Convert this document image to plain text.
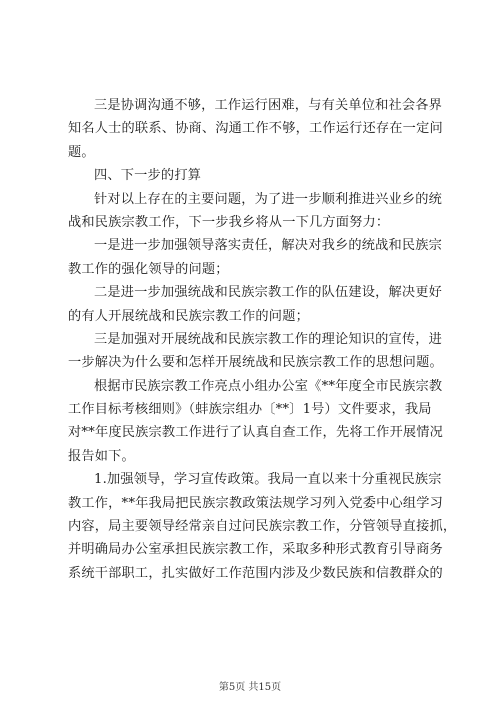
三是协调沟通不够，工作运行困难，与有关单位和社会各界
知名人士的联系、协商、沟通工作不够，工作运行还存在一定问
题。
四、下一步的打算
针对以上存在的主要问题，为了进一步顺利推进兴业乡的统
战和民族宗教工作，下一步我乡将从一下几方面努力：
一是进一步加强领导落实责任，解决对我乡的统战和民族宗
教工作的强化领导的问题；
二是进一步加强统战和民族宗教工作的队伍建设，解决更好
的有人开展统战和民族宗教工作的问题；
三是加强对开展统战和民族宗教工作的理论知识的宣传，进
一步解决为什么要和怎样开展统战和民族宗教工作的思想问题。
根据市民族宗教工作亮点小组办公室《**年度全市民族宗教
工作目标考核细则》（蚌族宗组办〔**〕1号）文件要求，我局
对**年度民族宗教工作进行了认真自查工作，先将工作开展情况
报告如下。
1.加强领导，学习宣传政策。我局一直以来十分重视民族宗
教工作，**年我局把民族宗教政策法规学习列入党委中心组学习
内容，局主要领导经常亲自过问民族宗教工作，分管领导直接抓，
并明确局办公室承担民族宗教工作，采取多种形式教育引导商务
系统干部职工，扎实做好工作范围内涉及少数民族和信教群众的
第5页 共15页
